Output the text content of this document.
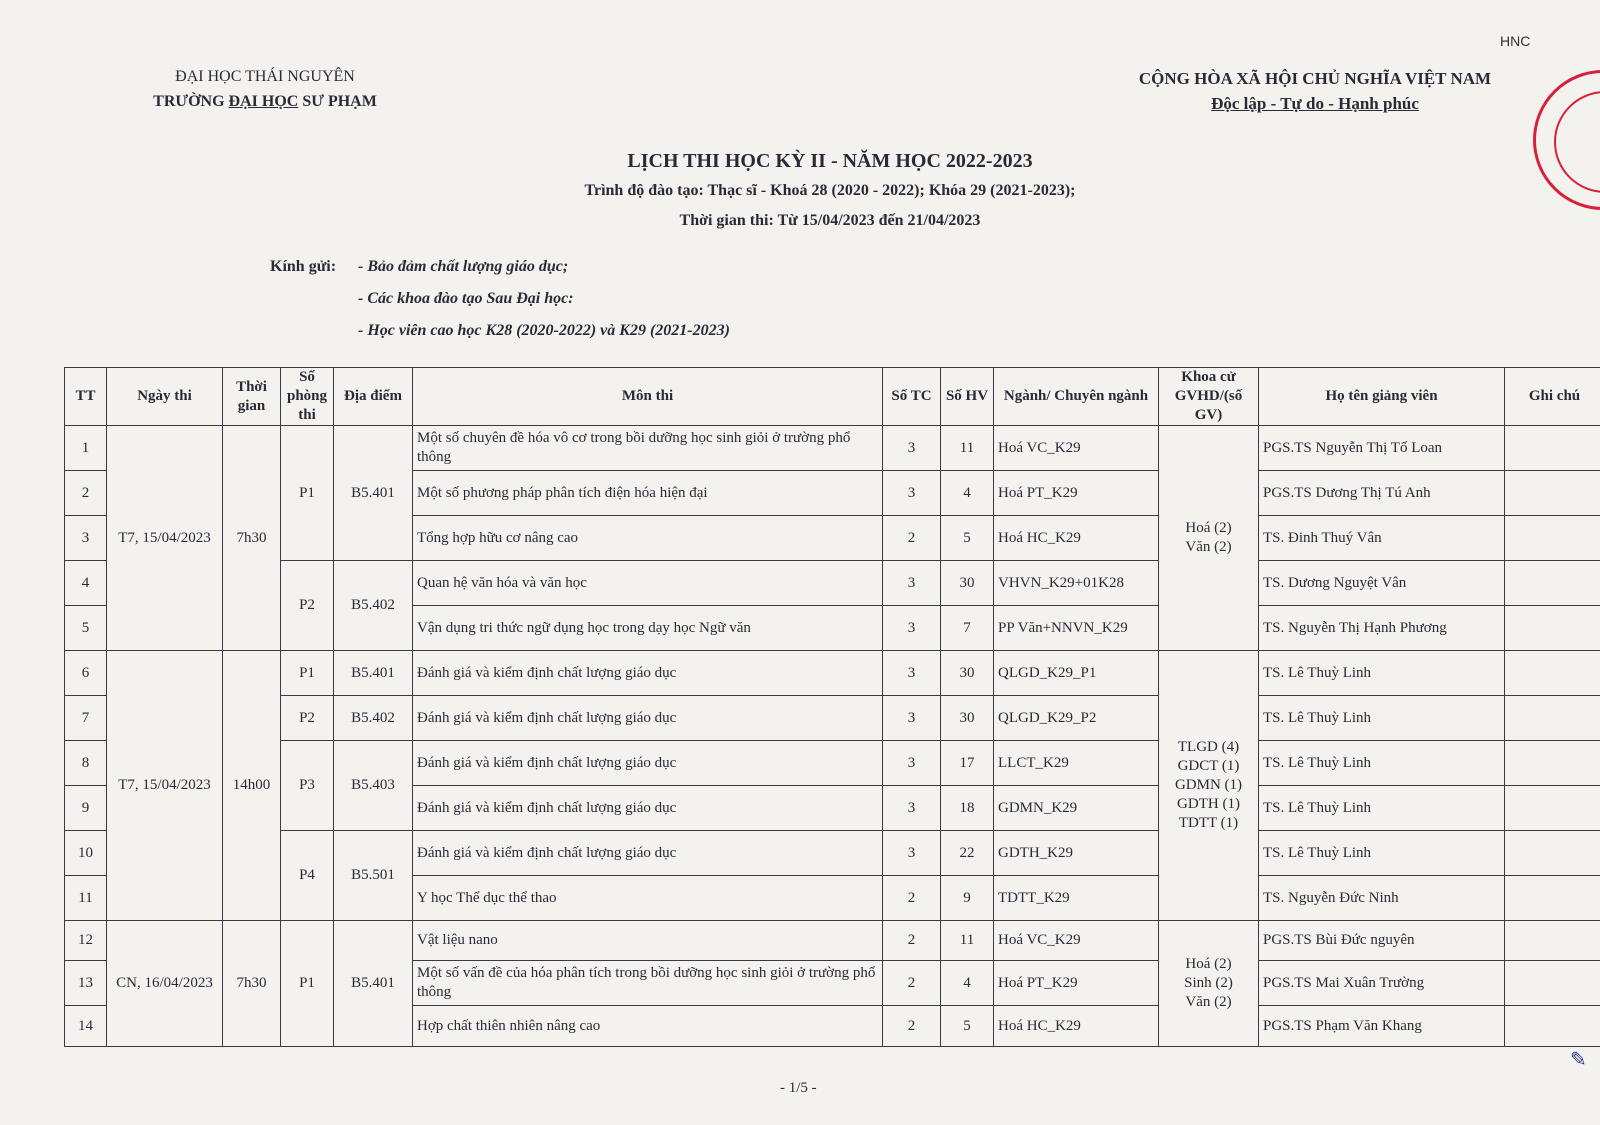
HNC
ĐẠI HỌC THÁI NGUYÊN
TRƯỜNG ĐẠI HỌC SƯ PHẠM
CỘNG HÒA XÃ HỘI CHỦ NGHĨA VIỆT NAM
Độc lập - Tự do - Hạnh phúc
LỊCH THI HỌC KỲ II - NĂM HỌC 2022-2023
Trình độ đào tạo: Thạc sĩ - Khoá 28 (2020 - 2022); Khóa 29 (2021-2023);
Thời gian thi: Từ 15/04/2023 đến 21/04/2023
Kính gửi: - Bảo đảm chất lượng giáo dục;
- Các khoa đào tạo Sau Đại học:
- Học viên cao học K28 (2020-2022) và K29 (2021-2023)
TT	Ngày thi	Thời gian	Số phòng thi	Địa điểm	Môn thi	Số TC	Số HV	Ngành/ Chuyên ngành	Khoa cử GVHD/(số GV)	Họ tên giảng viên	Ghi chú
1	T7, 15/04/2023	7h30	P1	B5.401	Một số chuyên đề hóa vô cơ trong bồi dưỡng học sinh giỏi ở trường phổ thông	3	11	Hoá VC_K29	Hoá (2)
Văn (2)	PGS.TS Nguyễn Thị Tố Loan	
2					Một số phương pháp phân tích điện hóa hiện đại	3	4	Hoá PT_K29		PGS.TS Dương Thị Tú Anh	
3					Tổng hợp hữu cơ nâng cao	2	5	Hoá HC_K29		TS. Đinh Thuý Vân	
4			P2	B5.402	Quan hệ văn hóa và văn học	3	30	VHVN_K29+01K28		TS. Dương Nguyệt Vân	
5					Vận dụng tri thức ngữ dụng học trong dạy học Ngữ văn	3	7	PP Văn+NNVN_K29		TS. Nguyễn Thị Hạnh Phương	
6	T7, 15/04/2023	14h00	P1	B5.401	Đánh giá và kiểm định chất lượng giáo dục	3	30	QLGD_K29_P1	TLGD (4)
GDCT (1)
GDMN (1)
GDTH (1)
TDTT (1)	TS. Lê Thuỳ Linh	
7			P2	B5.402	Đánh giá và kiểm định chất lượng giáo dục	3	30	QLGD_K29_P2		TS. Lê Thuỳ Linh	
8			P3	B5.403	Đánh giá và kiểm định chất lượng giáo dục	3	17	LLCT_K29		TS. Lê Thuỳ Linh	
9					Đánh giá và kiểm định chất lượng giáo dục	3	18	GDMN_K29		TS. Lê Thuỳ Linh	
10			P4	B5.501	Đánh giá và kiểm định chất lượng giáo dục	3	22	GDTH_K29		TS. Lê Thuỳ Linh	
11					Y học Thể dục thể thao	2	9	TDTT_K29		TS. Nguyễn Đức Ninh	
12	CN, 16/04/2023	7h30	P1	B5.401	Vật liệu nano	2	11	Hoá VC_K29	Hoá (2)
Sinh (2)
Văn (2)	PGS.TS Bùi Đức nguyên	
13					Một số vấn đề của hóa phân tích trong bồi dưỡng học sinh giỏi ở trường phổ thông	2	4	Hoá PT_K29		PGS.TS Mai Xuân Trường	
14					Hợp chất thiên nhiên nâng cao	2	5	Hoá HC_K29		PGS.TS Phạm Văn Khang	
- 1/5 -
✎
